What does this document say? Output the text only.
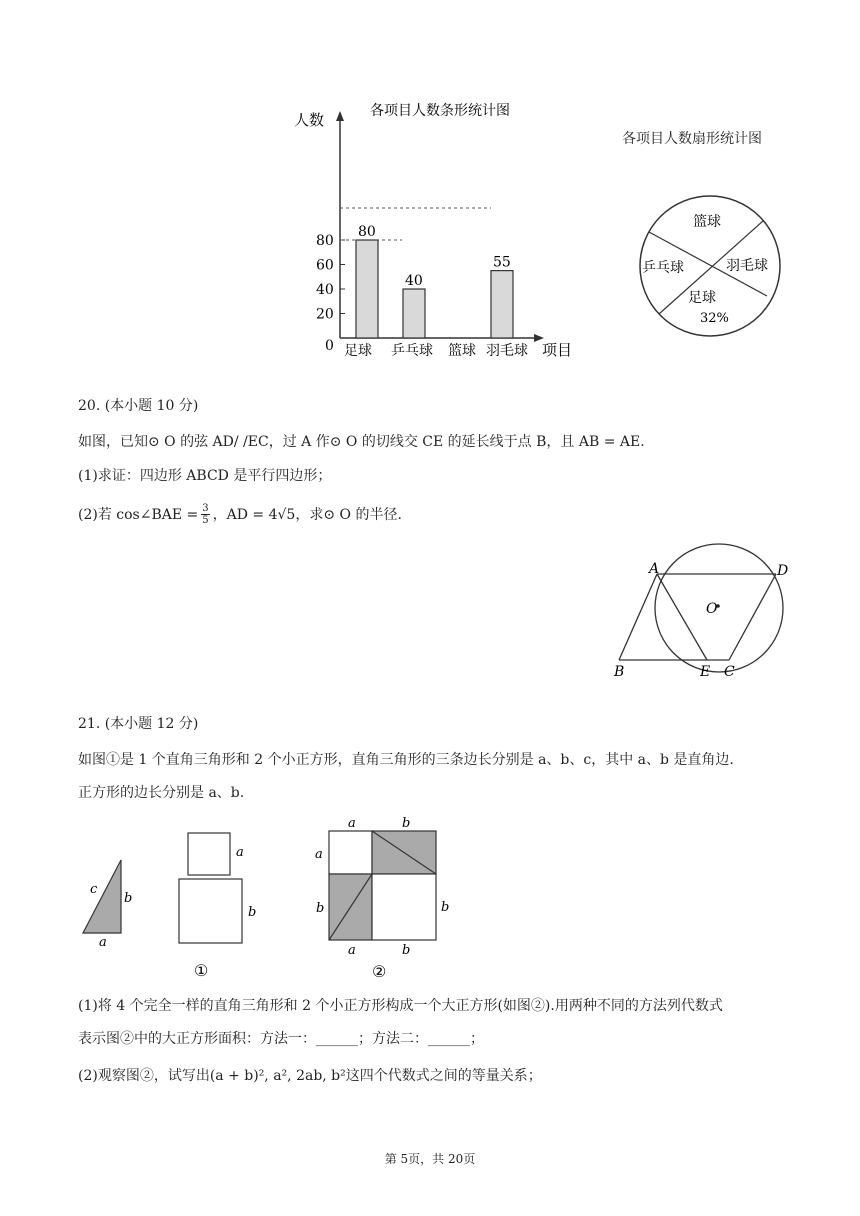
各项目人数条形统计图
人数
项目
0
80
60
40
20
80
足球
40
乒乓球 篮球
55
羽毛球
各项目人数扇形统计图
篮球
羽毛球
足球
32%
乒乓球
20. (本小题 10 分)
如图，已知⊙ O 的弦 AD/ /EC，过 A 作⊙ O 的切线交 CE 的延长线于点 B，且 AB = AE.
(1)求证：四边形 ABCD 是平行四边形；
(2)若 cos∠BAE = $\frac{3}{5}$ ，AD = 4√5，求⊙ O 的半径.
A	D
O
B	E C
21. (本小题 12 分)
如图①是 1 个直角三角形和 2 个小正方形，直角三角形的三条边长分别是 a、b、c，其中 a、b 是直角边.
正方形的边长分别是 a、b.
c
b
a
a
b
①
a	b
a
b	b
a	b
②
(1)将 4 个完全一样的直角三角形和 2 个小正方形构成一个大正方形(如图②).用两种不同的方法列代数式
表示图②中的大正方形面积：方法一：______；方法二：______；
(2)观察图②，试写出(a + b)², a², 2ab, b²这四个代数式之间的等量关系；
第 5页，共 20页
